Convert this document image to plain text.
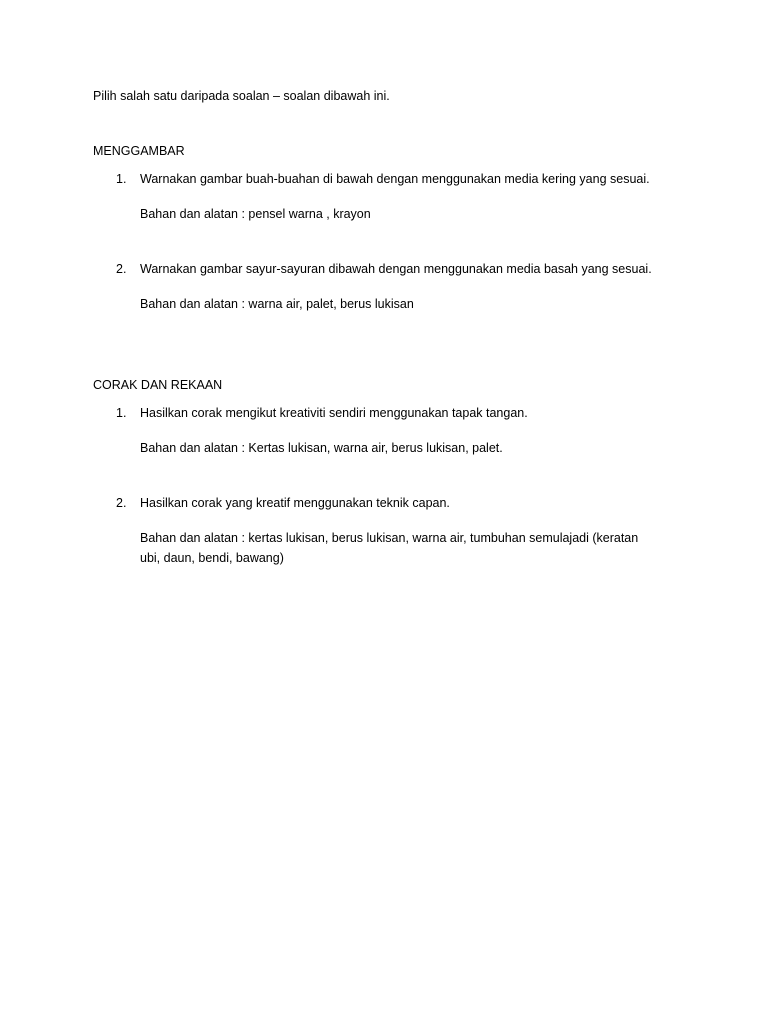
Pilih salah satu daripada soalan – soalan dibawah ini.
MENGGAMBAR
1. Warnakan gambar buah-buahan di bawah dengan menggunakan media kering yang sesuai.
Bahan dan alatan : pensel warna , krayon
2. Warnakan gambar sayur-sayuran dibawah dengan menggunakan media basah yang sesuai.
Bahan dan alatan : warna air, palet, berus lukisan
CORAK DAN REKAAN
1. Hasilkan corak mengikut kreativiti sendiri menggunakan tapak tangan.
Bahan dan alatan : Kertas lukisan, warna air, berus lukisan, palet.
2. Hasilkan corak yang kreatif menggunakan teknik capan.
Bahan dan alatan : kertas lukisan, berus lukisan, warna air, tumbuhan semulajadi (keratan
ubi, daun, bendi, bawang)
